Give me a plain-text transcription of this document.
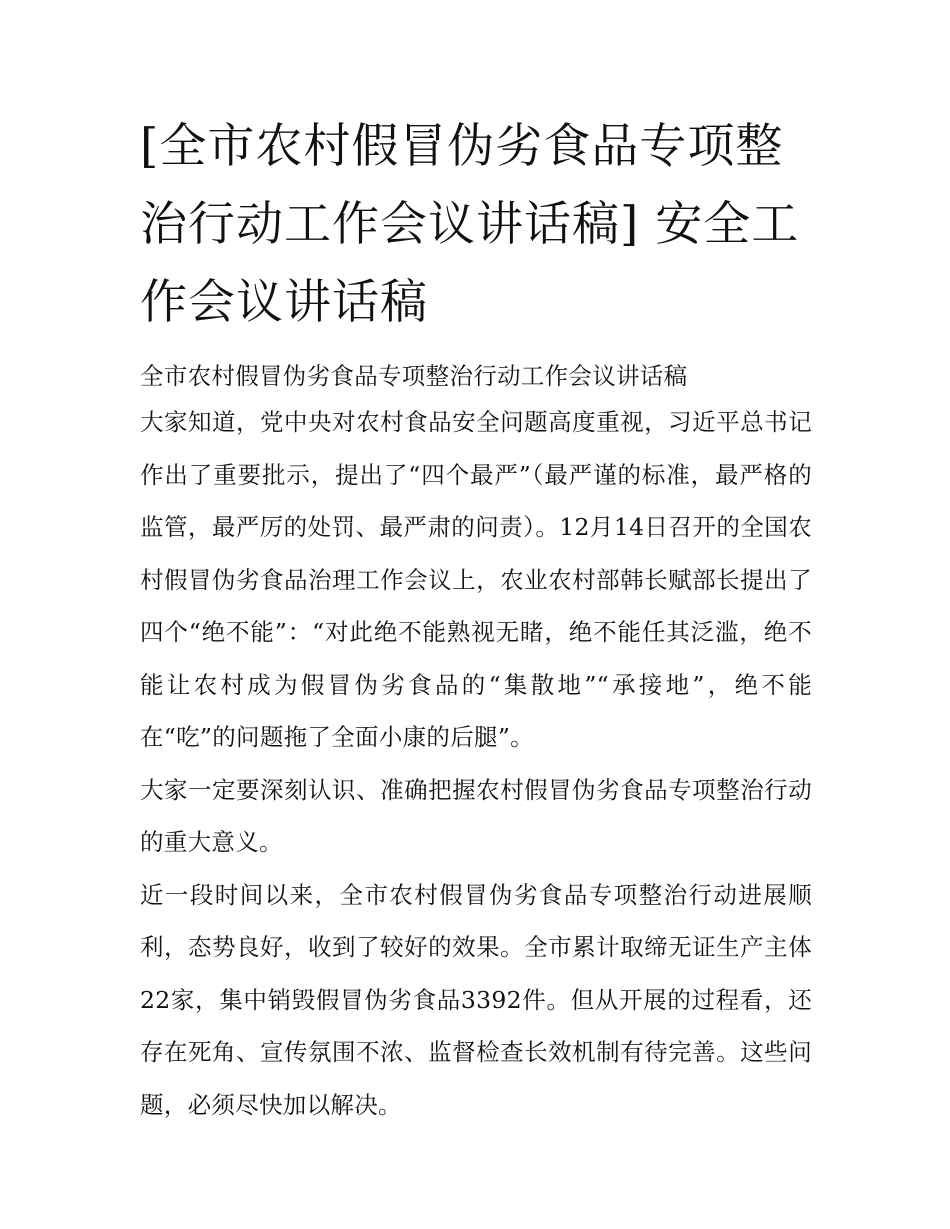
[全市农村假冒伪劣食品专项整治行动工作会议讲话稿] 安全工作会议讲话稿

全市农村假冒伪劣食品专项整治行动工作会议讲话稿

大家知道，党中央对农村食品安全问题高度重视，习近平总书记作出了重要批示，提出了“四个最严”（最严谨的标准，最严格的监管，最严厉的处罚、最严肃的问责）。12月14日召开的全国农村假冒伪劣食品治理工作会议上，农业农村部韩长赋部长提出了四个“绝不能”：“对此绝不能熟视无睹，绝不能任其泛滥，绝不能让农村成为假冒伪劣食品的“集散地”“承接地”，绝不能在“吃”的问题拖了全面小康的后腿”。

大家一定要深刻认识、准确把握农村假冒伪劣食品专项整治行动的重大意义。

近一段时间以来，全市农村假冒伪劣食品专项整治行动进展顺利，态势良好，收到了较好的效果。全市累计取缔无证生产主体22家，集中销毁假冒伪劣食品3392件。但从开展的过程看，还存在死角、宣传氛围不浓、监督检查长效机制有待完善。这些问题，必须尽快加以解决。
